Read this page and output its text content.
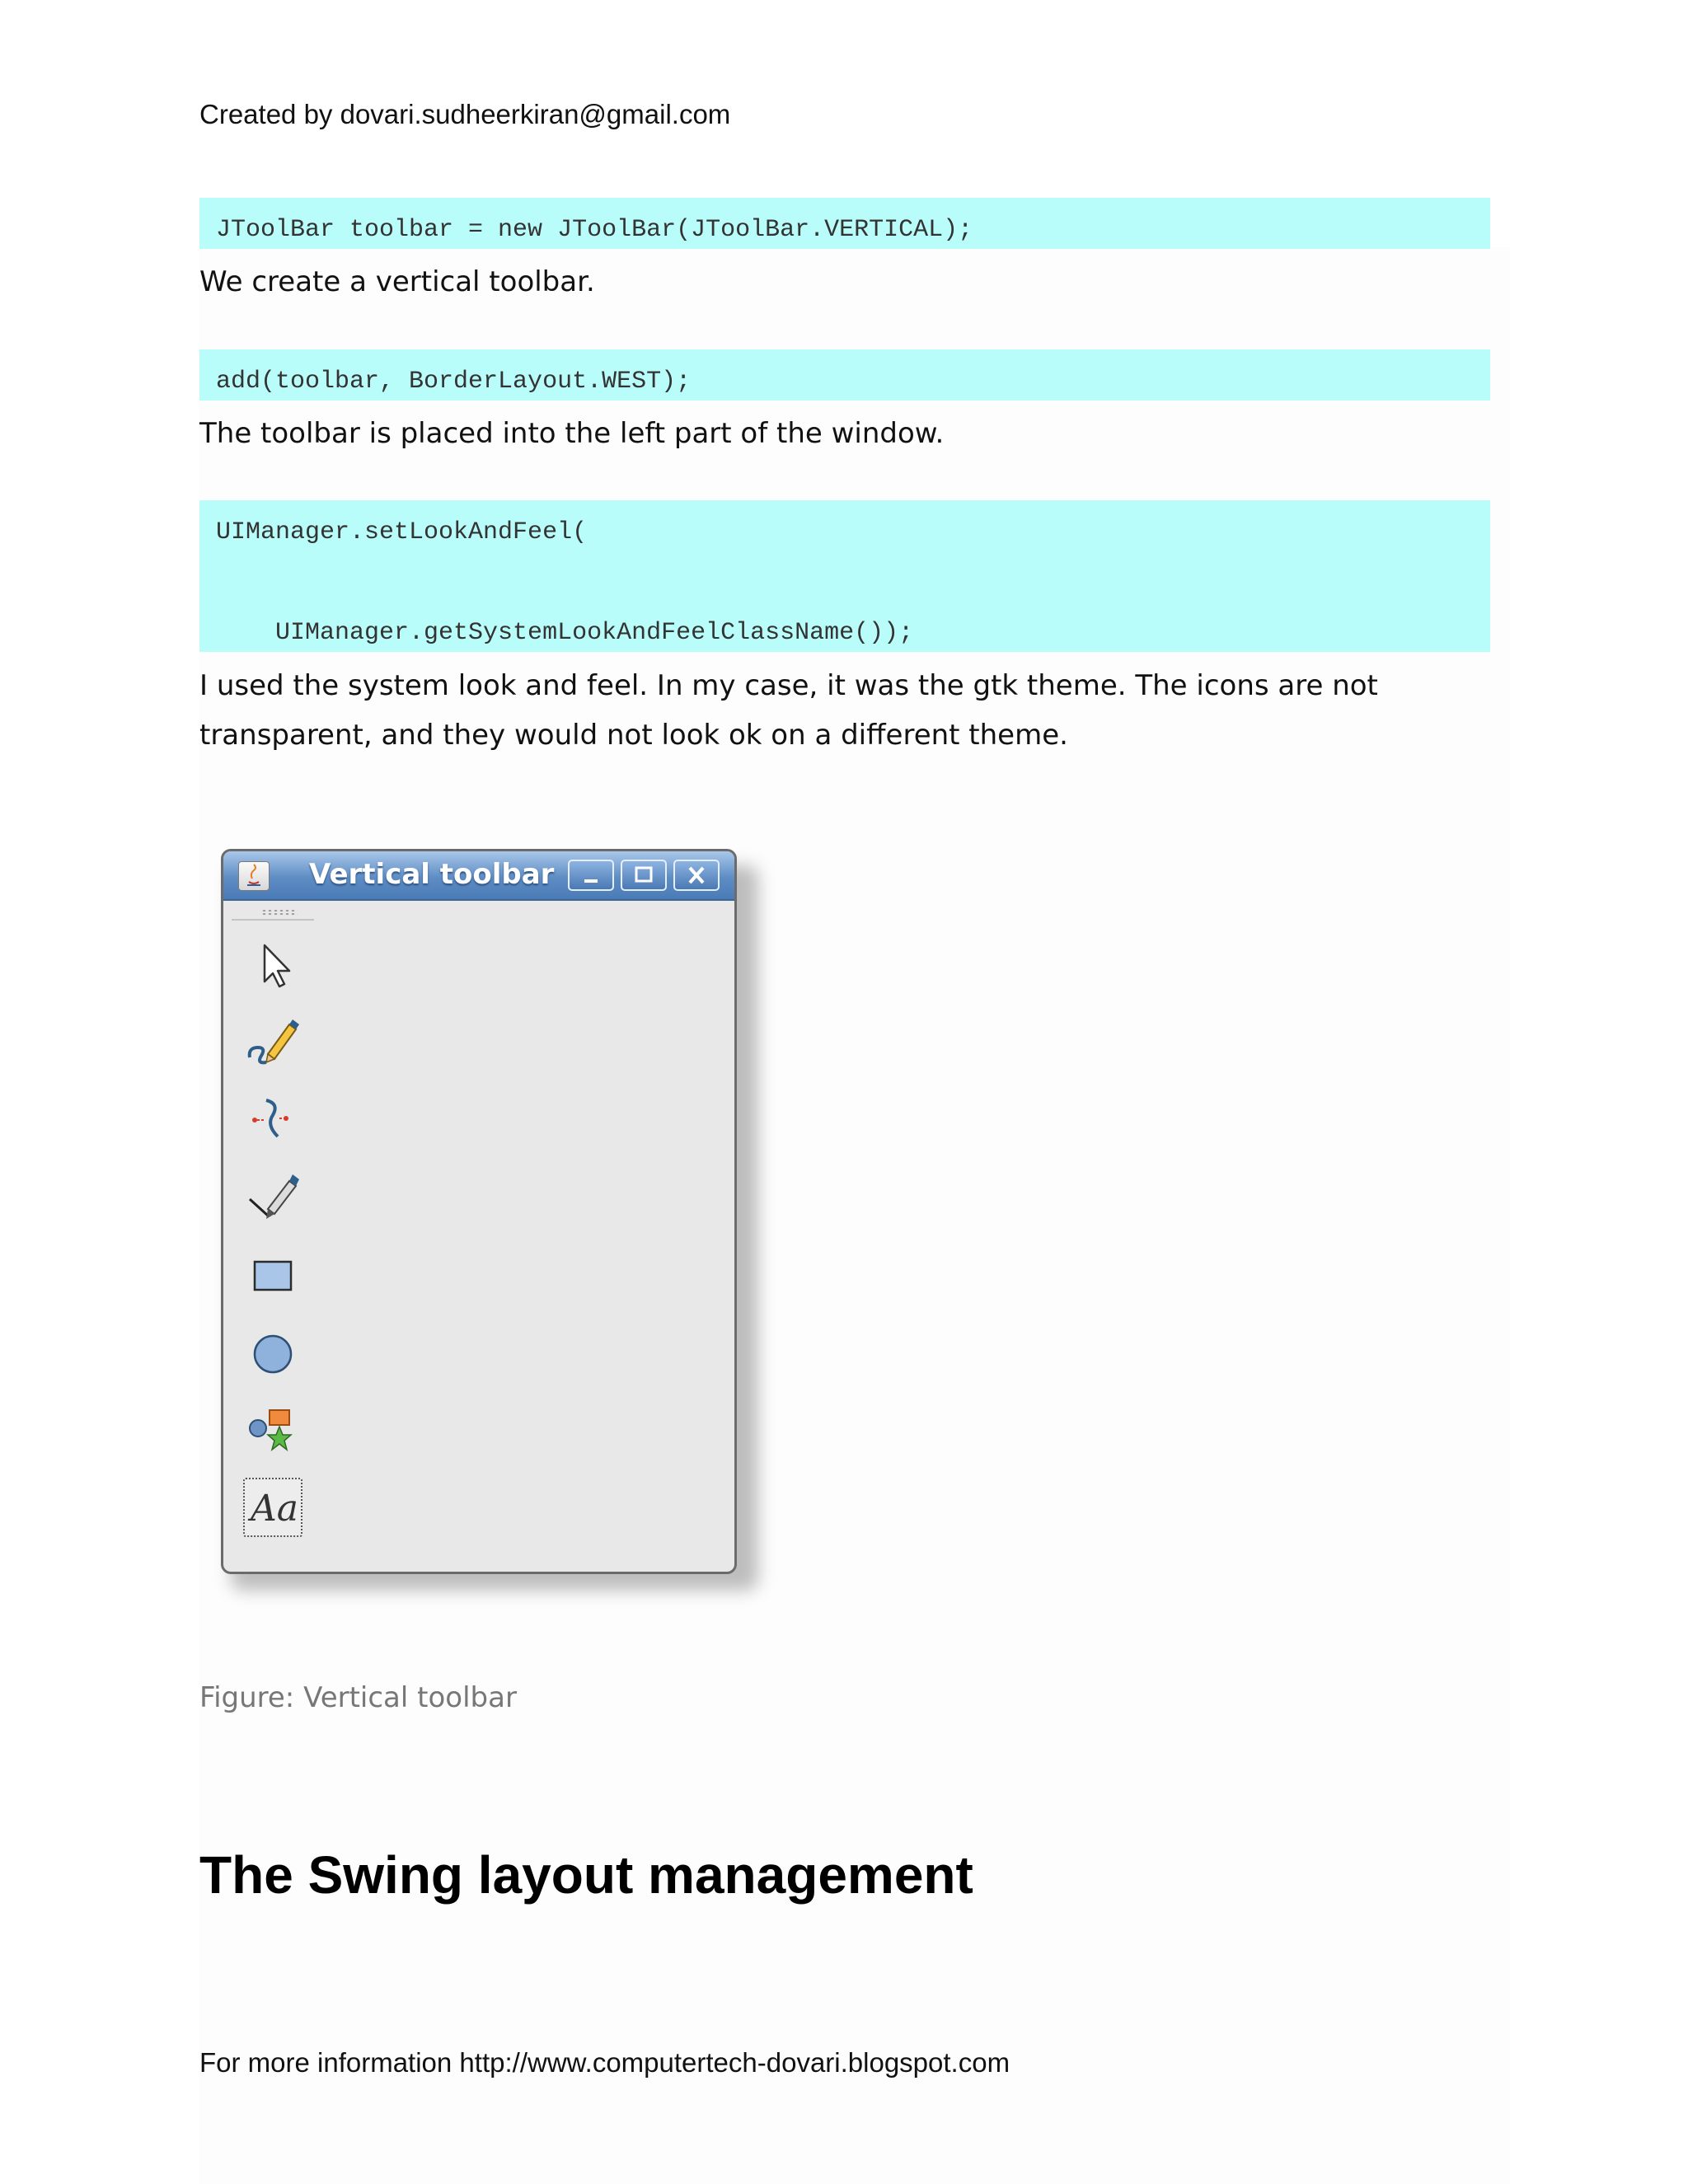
Created by dovari.sudheerkiran@gmail.com
JToolBar toolbar = new JToolBar(JToolBar.VERTICAL);
We create a vertical toolbar.
add(toolbar, BorderLayout.WEST);
The toolbar is placed into the left part of the window.
UIManager.setLookAndFeel(
UIManager.getSystemLookAndFeelClassName());
I used the system look and feel. In my case, it was the gtk theme. The icons are not
transparent, and they would not look ok on a different theme.
Vertical toolbar
Aa
Figure: Vertical toolbar
The Swing layout management
For more information http://www.computertech-dovari.blogspot.com
